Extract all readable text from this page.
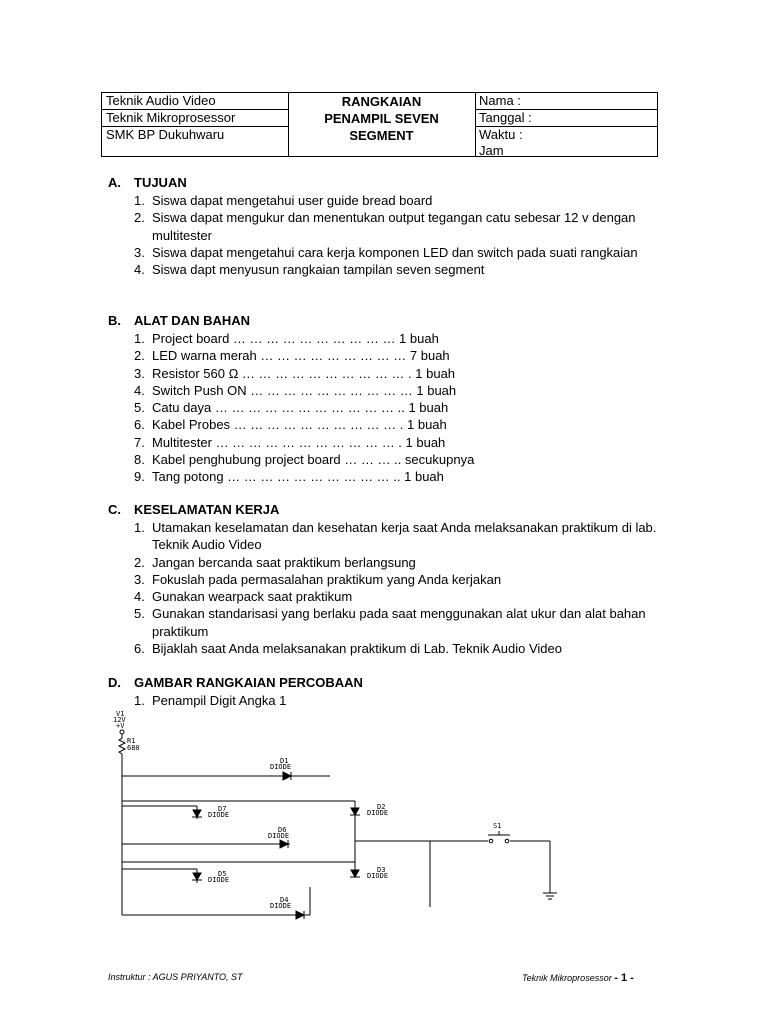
Teknik Audio Video
Teknik Mikroprosessor
SMK BP Dukuhwaru
RANGKAIAN
PENAMPIL SEVEN
SEGMENT
Nama :
Tanggal :
Waktu :
Jam
A. TUJUAN
1. Siswa dapat mengetahui user guide bread board
2. Siswa dapat mengukur dan menentukan output tegangan catu sebesar 12 v dengan multitester
3. Siswa dapat mengetahui cara kerja komponen LED dan switch pada suati rangkaian
4. Siswa dapt menyusun rangkaian tampilan seven segment
B. ALAT DAN BAHAN
1. Project board … … … … … … … … … … 1 buah
2. LED warna merah … … … … … … … … … 7 buah
3. Resistor 560 Ω … … … … … … … … … … . 1 buah
4. Switch Push ON … … … … … … … … … … 1 buah
5. Catu daya … … … … … … … … … … … .. 1 buah
6. Kabel Probes … … … … … … … … … … . 1 buah
7. Multitester … … … … … … … … … … … . 1 buah
8. Kabel penghubung project board … … … .. secukupnya
9. Tang potong … … … … … … … … … … .. 1 buah
C. KESELAMATAN KERJA
1. Utamakan keselamatan dan kesehatan kerja saat Anda melaksanakan praktikum di lab. Teknik Audio Video
2. Jangan bercanda saat praktikum berlangsung
3. Fokuslah pada permasalahan praktikum yang Anda kerjakan
4. Gunakan wearpack saat praktikum
5. Gunakan standarisasi yang berlaku pada saat menggunakan alat ukur dan alat bahan praktikum
6. Bijaklah saat Anda melaksanakan praktikum di Lab. Teknik Audio Video
D. GAMBAR RANGKAIAN PERCOBAAN
1. Penampil Digit Angka 1
V1
12V
+V
R1
680
D1
DIODE
D2
DIODE
D3
DIODE
D4
DIODE
D5
DIODE
D6
DIODE
D7
DIODE
S1
Instruktur : AGUS PRIYANTO, ST	Teknik Mikroprosessor - 1 -
